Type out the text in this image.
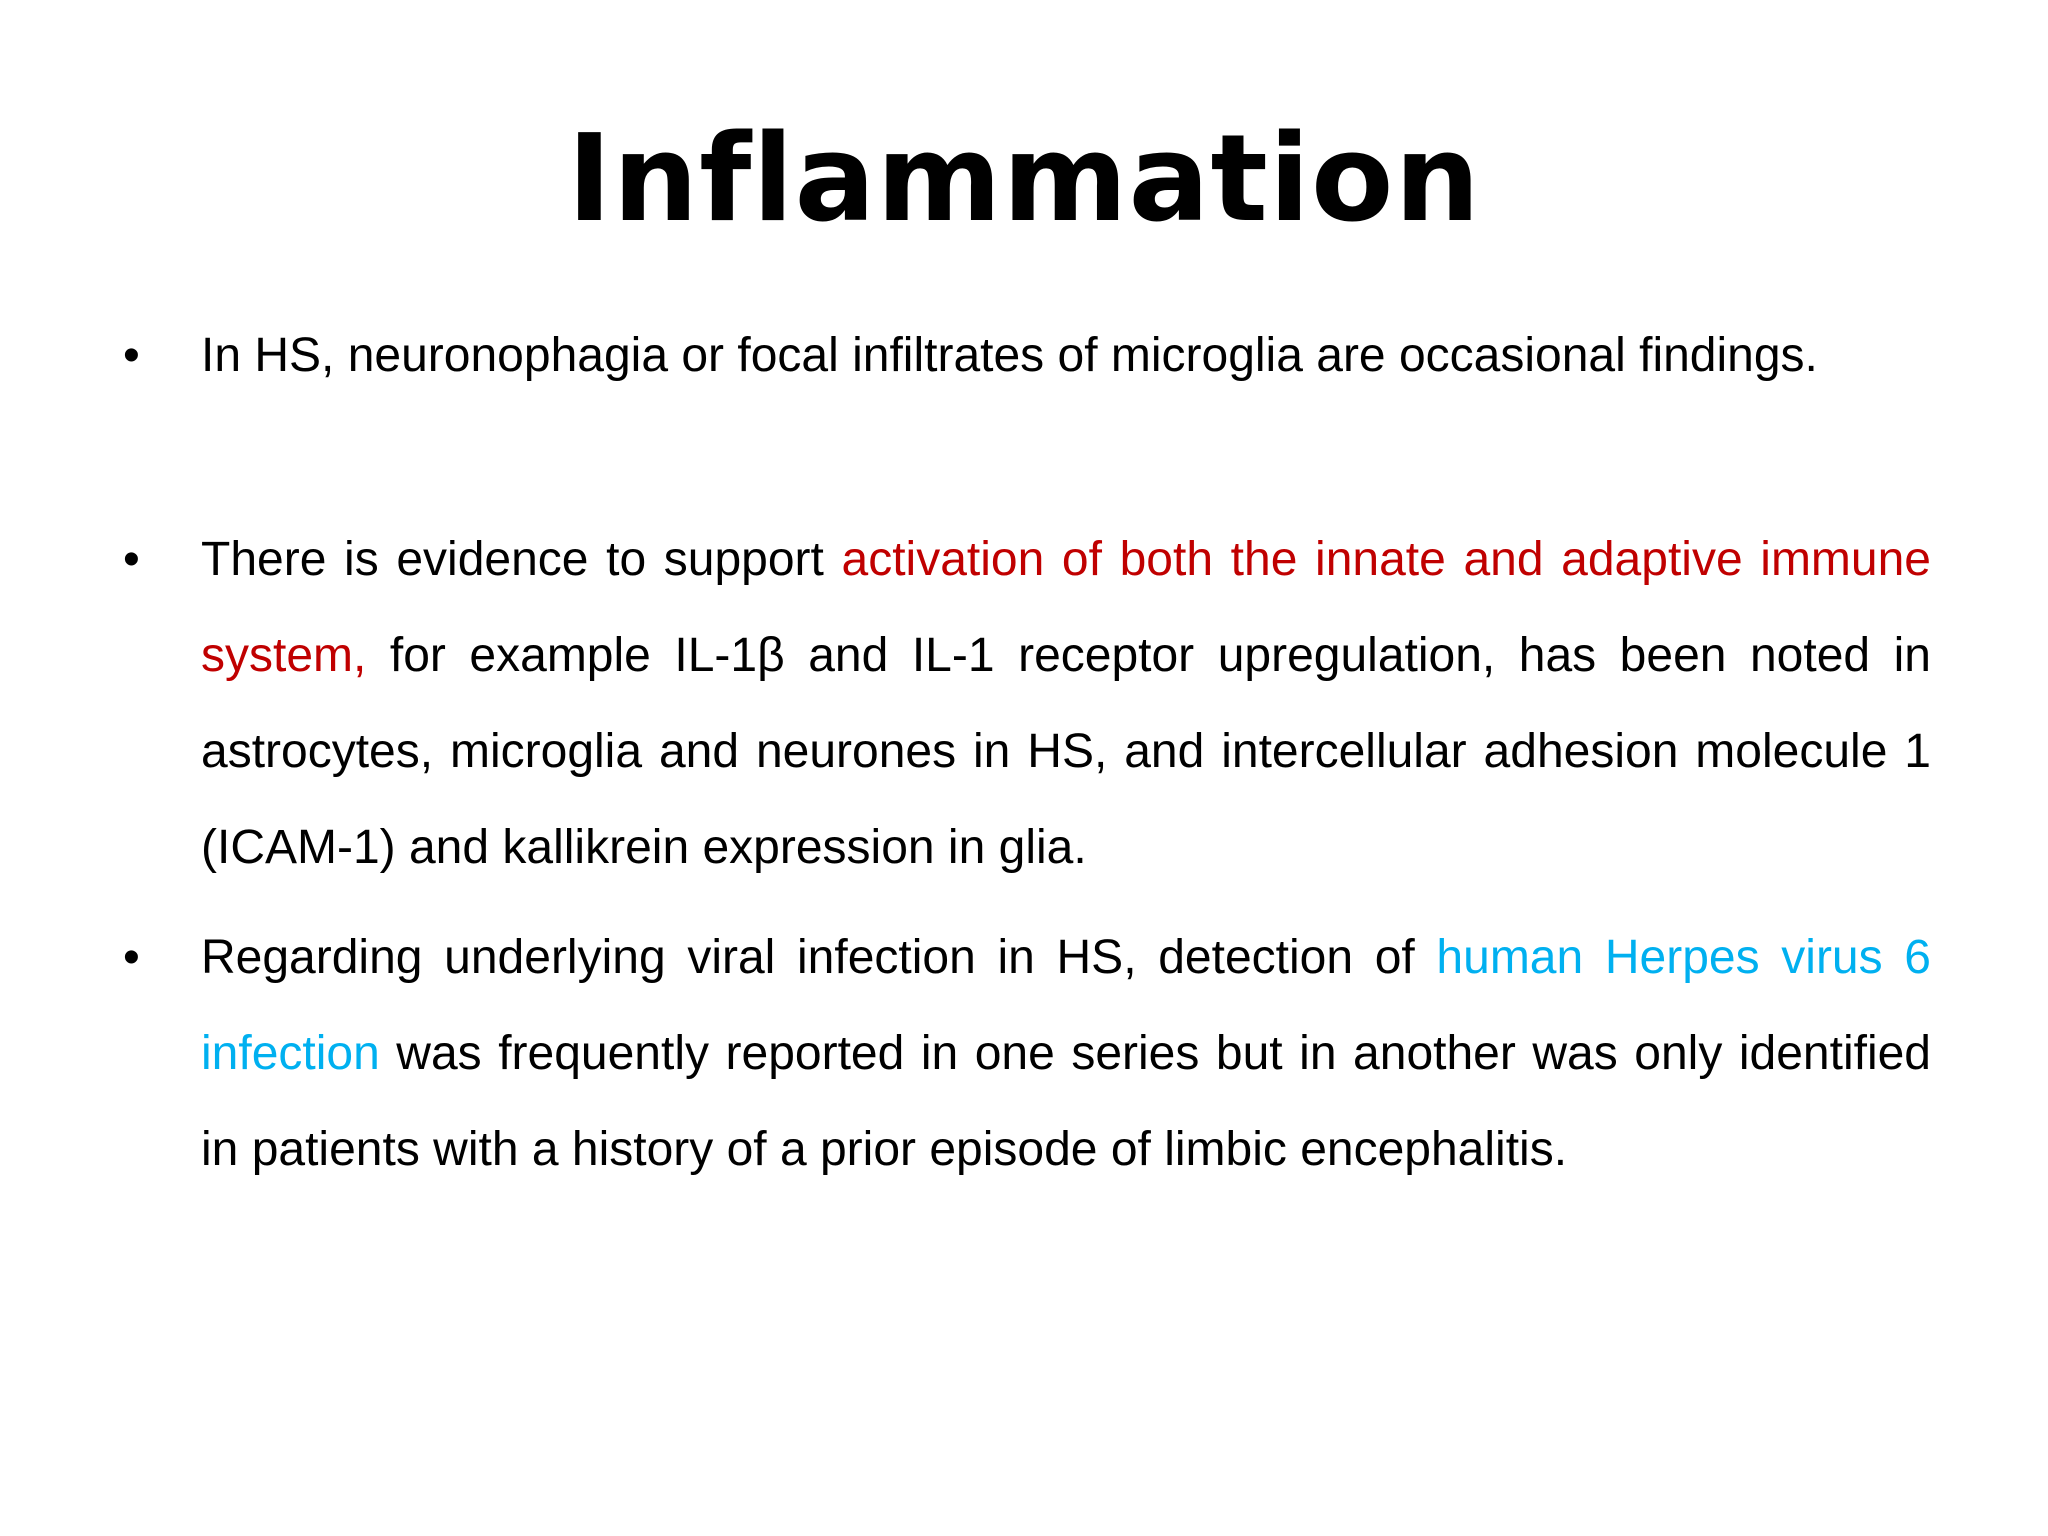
Inflammation
• In HS, neuronophagia or focal infiltrates of microglia are occasional findings.
• There is evidence to support activation of both the innate and adaptive immune system, for example IL-1β and IL-1 receptor upregulation, has been noted in astrocytes, microglia and neurones in HS, and intercellular adhesion molecule 1 (ICAM-1) and kallikrein expression in glia.
• Regarding underlying viral infection in HS, detection of human Herpes virus 6 infection was frequently reported in one series but in another was only identified in patients with a history of a prior episode of limbic encephalitis.
